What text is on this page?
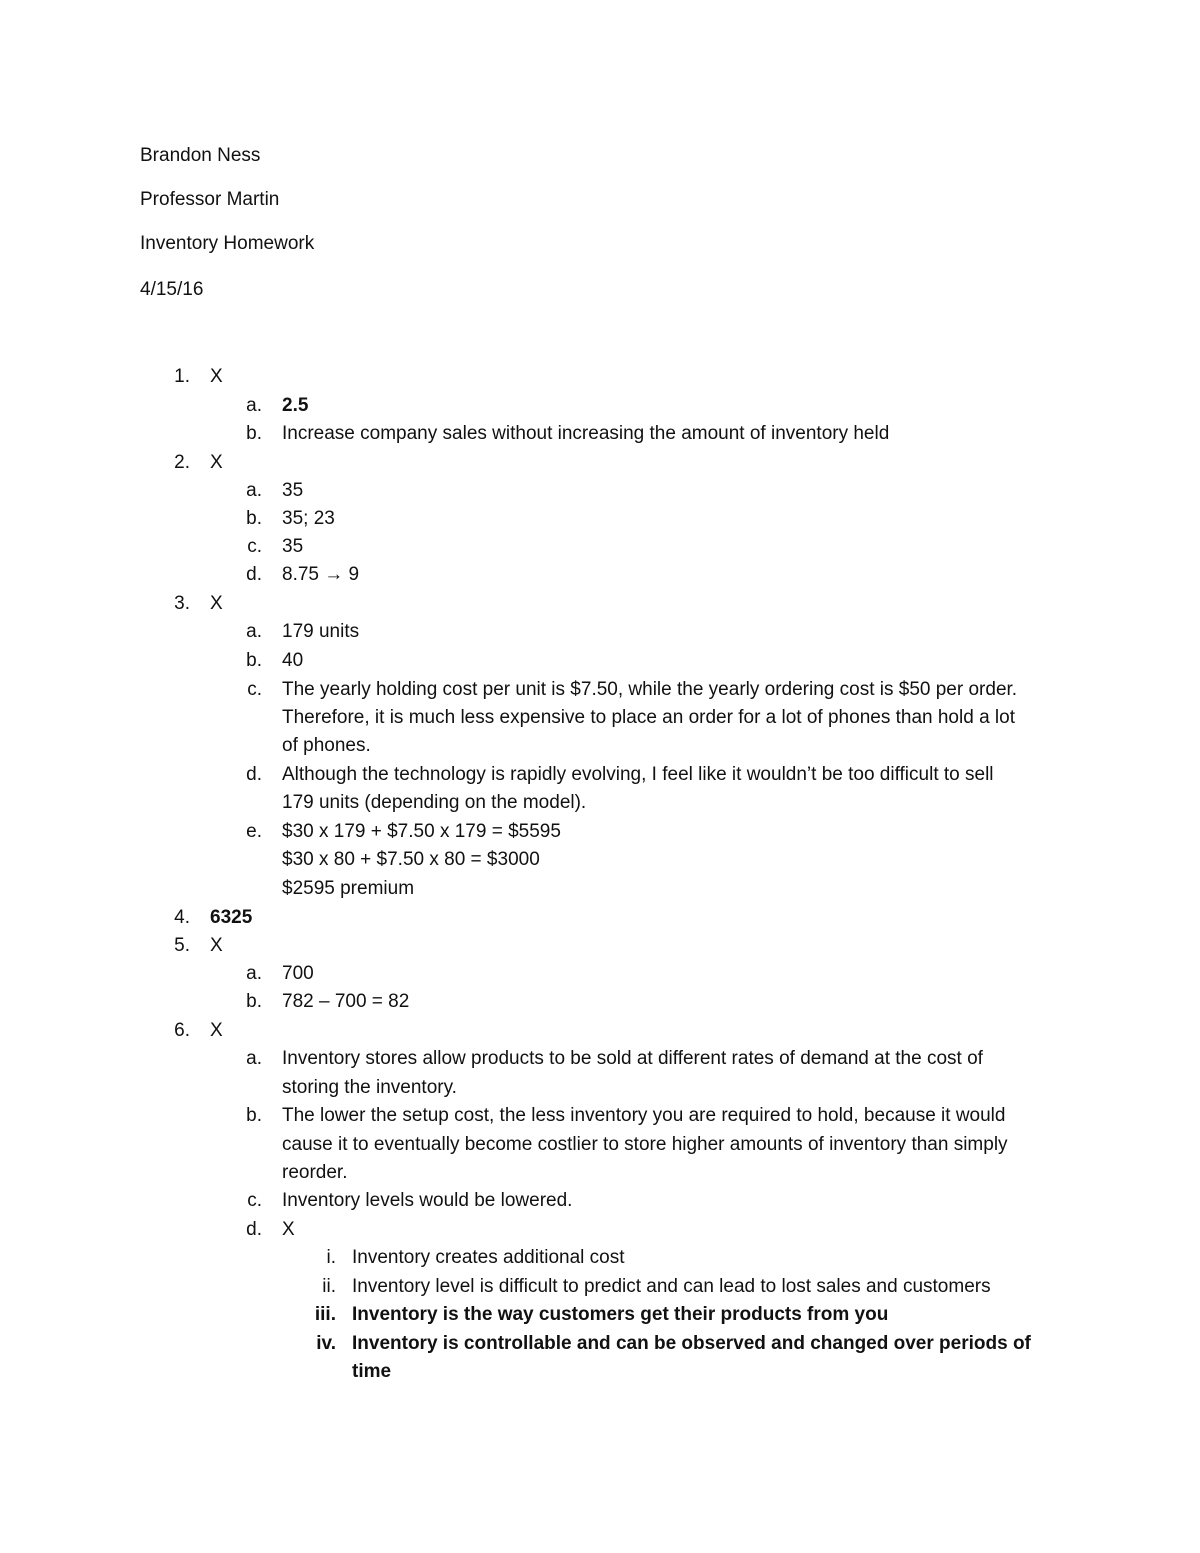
Brandon Ness

Professor Martin

Inventory Homework

4/15/16

1. X

a. 2.5

b. Increase company sales without increasing the amount of inventory held

2. X

a. 35

b. 35; 23

c. 35

d. 8.75 → 9

3. X

a. 179 units

b. 40

c. The yearly holding cost per unit is $7.50, while the yearly ordering cost is $50 per order.

Therefore, it is much less expensive to place an order for a lot of phones than hold a lot

of phones.

d. Although the technology is rapidly evolving, I feel like it wouldn’t be too difficult to sell

179 units (depending on the model).

e. $30 x 179 + $7.50 x 179 = $5595

$30 x 80 + $7.50 x 80 = $3000

$2595 premium

4. 6325

5. X

a. 700

b. 782 – 700 = 82

6. X

a. Inventory stores allow products to be sold at different rates of demand at the cost of

storing the inventory.

b. The lower the setup cost, the less inventory you are required to hold, because it would

cause it to eventually become costlier to store higher amounts of inventory than simply

reorder.

c. Inventory levels would be lowered.

d. X

i. Inventory creates additional cost

ii. Inventory level is difficult to predict and can lead to lost sales and customers

iii. Inventory is the way customers get their products from you

iv. Inventory is controllable and can be observed and changed over periods of

time
